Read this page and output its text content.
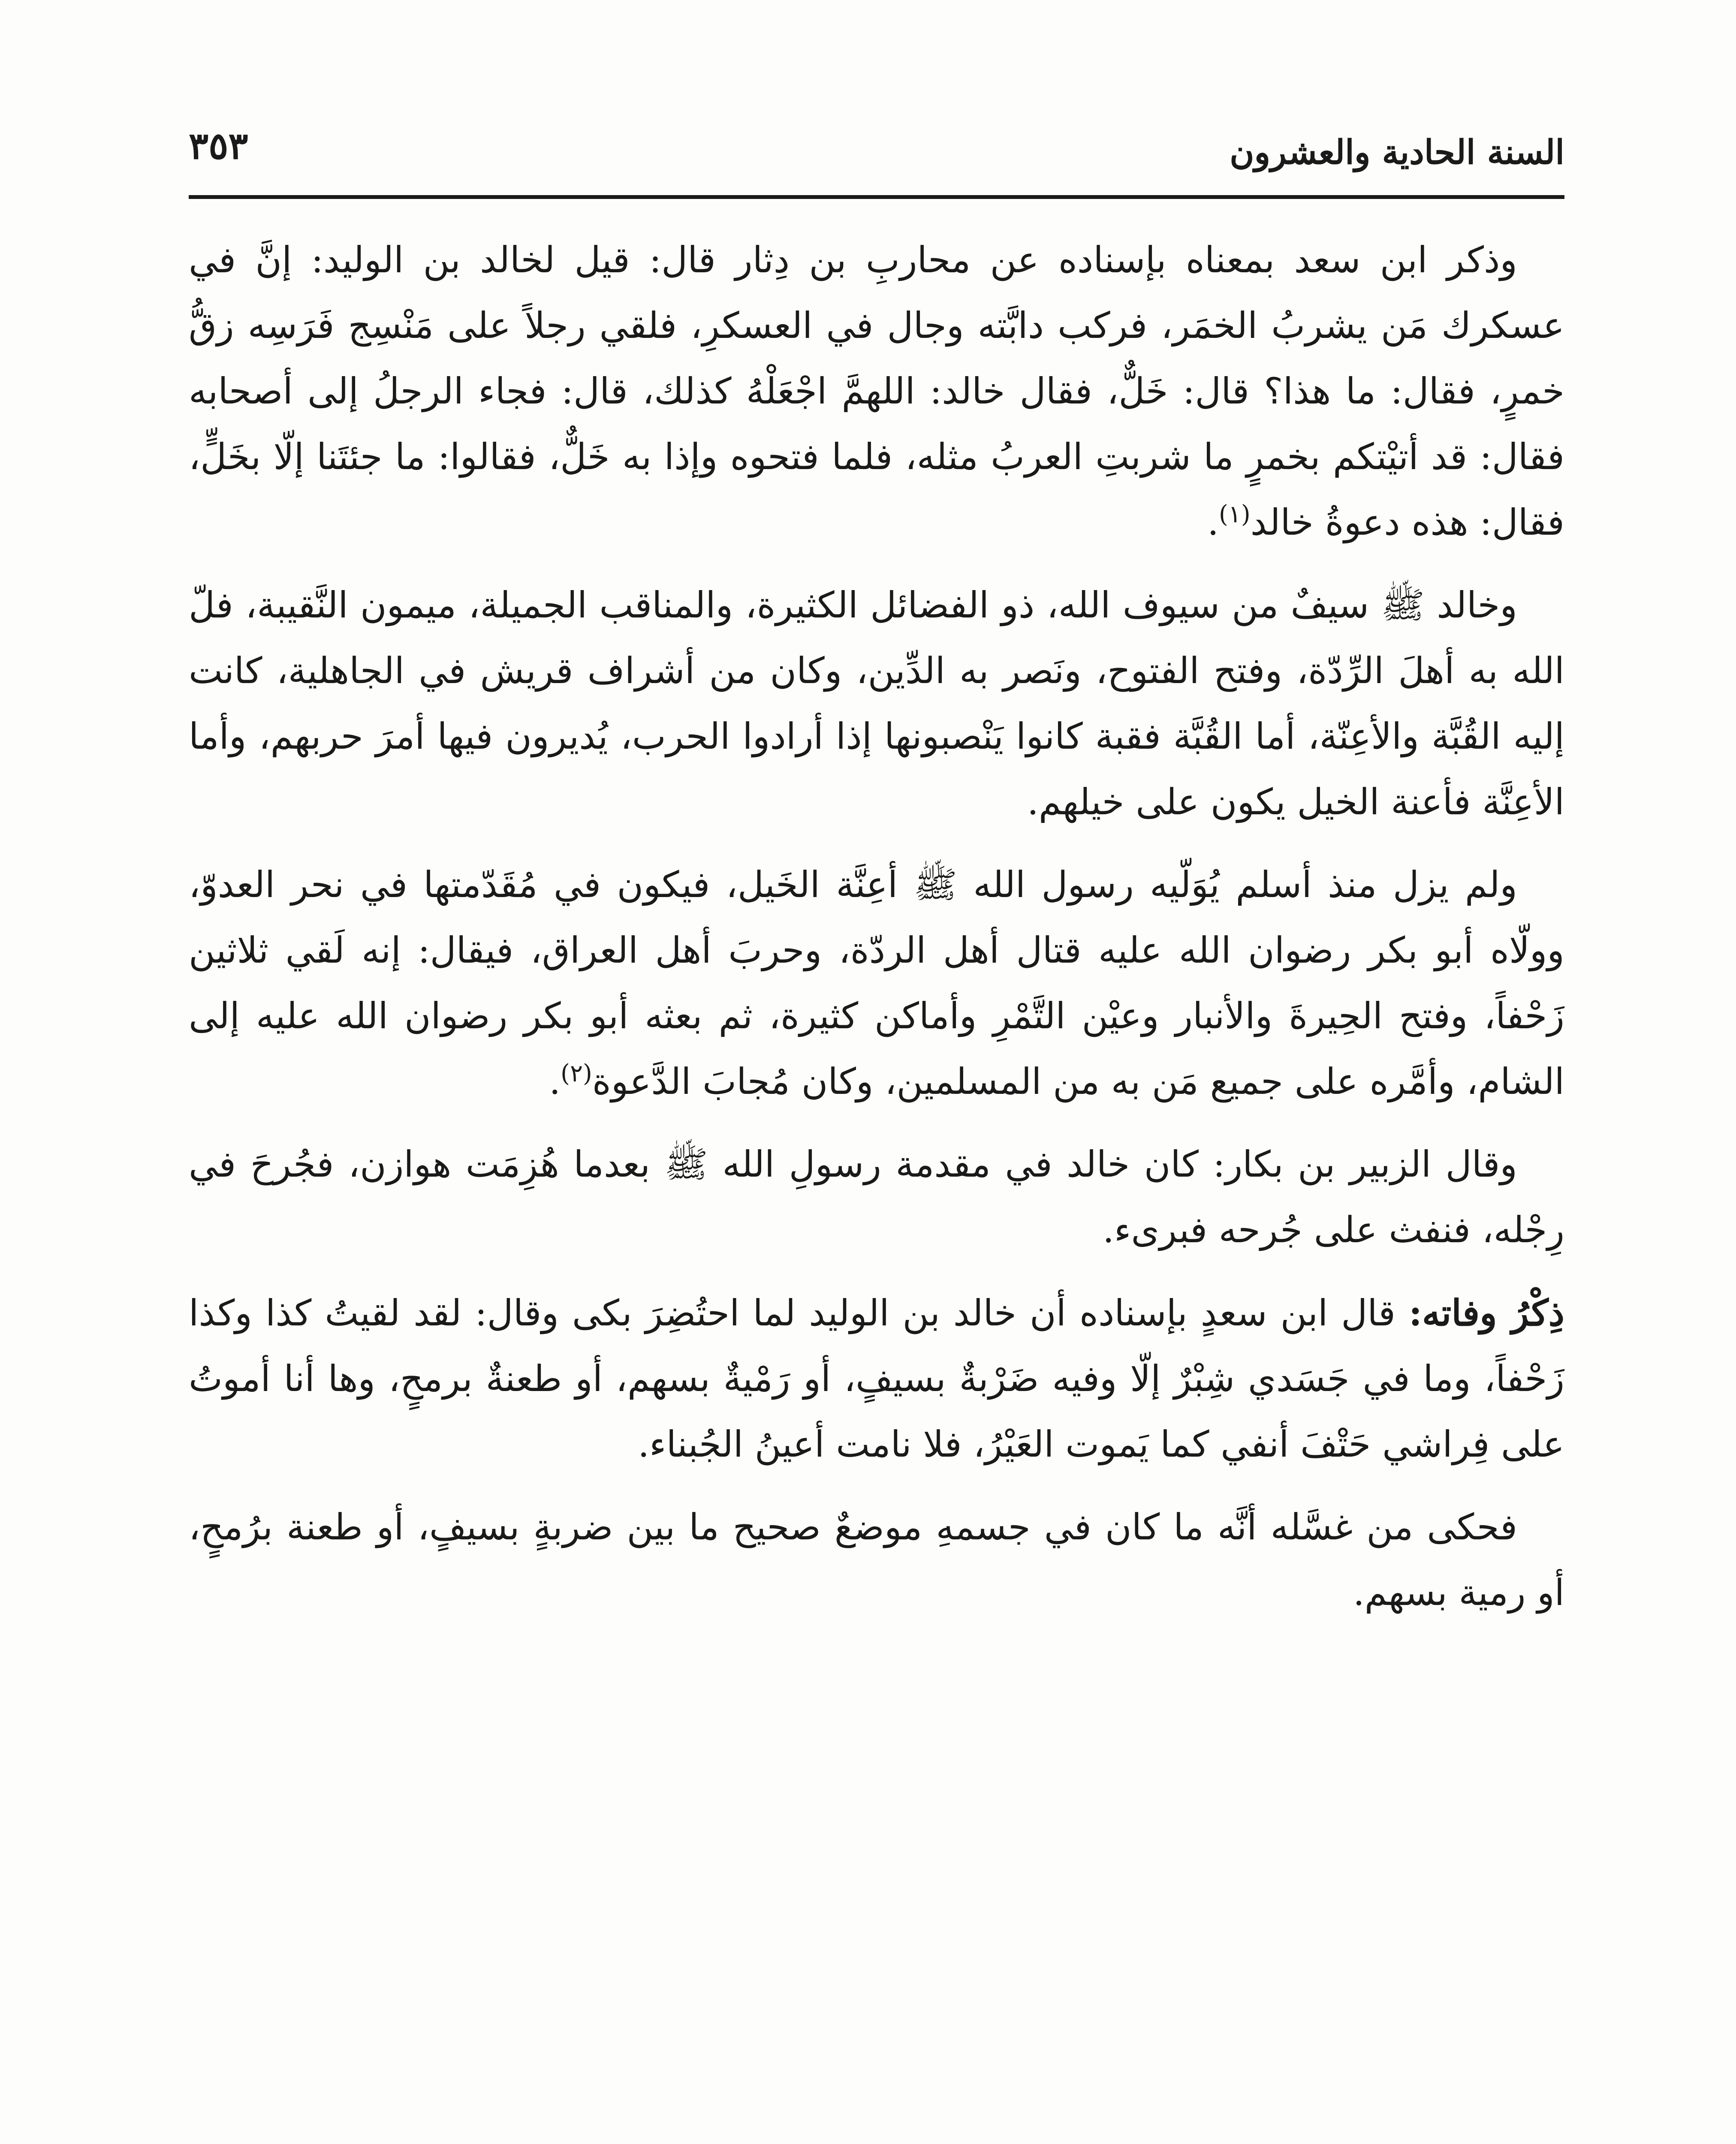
السنة الحادية والعشرون
٣٥٣

وذكر ابن سعد بمعناه بإسناده عن محاربِ بن دِثار قال: قيل لخالد بن الوليد: إنَّ في عسكرك مَن يشربُ الخمَر، فركب دابَّته وجال في العسكرِ، فلقي رجلاً على مَنْسِج فَرَسِه زقُّ خمرٍ، فقال: ما هذا؟ قال: خَلٌّ، فقال خالد: اللهمَّ اجْعَلْهُ كذلك، قال: فجاء الرجلُ إلى أصحابه فقال: قد أتيْتكم بخمرٍ ما شربتِ العربُ مثله، فلما فتحوه وإذا به خَلٌّ، فقالوا: ما جئتَنا إلّا بخَلٍّ، فقال: هذه دعوةُ خالد$^{(١)}$.

وخالد ﷺ سيفٌ من سيوف الله، ذو الفضائل الكثيرة، والمناقب الجميلة، ميمون النَّقيبة، فلّ الله به أهلَ الرِّدّة، وفتح الفتوح، ونَصر به الدِّين، وكان من أشراف قريش في الجاهلية، كانت إليه القُبَّة والأعِنّة، أما القُبَّة فقبة كانوا يَنْصبونها إذا أرادوا الحرب، يُديرون فيها أمرَ حربهم، وأما الأعِنَّة فأعنة الخيل يكون على خيلهم.

ولم يزل منذ أسلم يُوَلّيه رسول الله ﷺ أعِنَّة الخَيل، فيكون في مُقَدّمتها في نحر العدوّ، وولّاه أبو بكر رضوان الله عليه قتال أهل الردّة، وحربَ أهل العراق، فيقال: إنه لَقي ثلاثين زَحْفاً، وفتح الحِيرةَ والأنبار وعيْن التَّمْرِ وأماكن كثيرة، ثم بعثه أبو بكر رضوان الله عليه إلى الشام، وأمَّره على جميع مَن به من المسلمين، وكان مُجابَ الدَّعوة$^{(٢)}$.

وقال الزبير بن بكار: كان خالد في مقدمة رسولِ الله ﷺ بعدما هُزِمَت هوازن، فجُرحَ في رِجْله، فنفث على جُرحه فبرىء.

ذِكْرُ وفاته: قال ابن سعدٍ بإسناده أن خالد بن الوليد لما احتُضِرَ بكى وقال: لقد لقيتُ كذا وكذا زَحْفاً، وما في جَسَدي شِبْرٌ إلّا وفيه ضَرْبةٌ بسيفٍ، أو رَمْيةٌ بسهم، أو طعنةٌ برمحٍ، وها أنا أموتُ على فِراشي حَتْفَ أنفي كما يَموت العَيْرُ، فلا نامت أعينُ الجُبناء.

فحكى من غسَّله أنَّه ما كان في جسمهِ موضعٌ صحيح ما بين ضربةٍ بسيفٍ، أو طعنة برُمحٍ، أو رمية بسهم.
